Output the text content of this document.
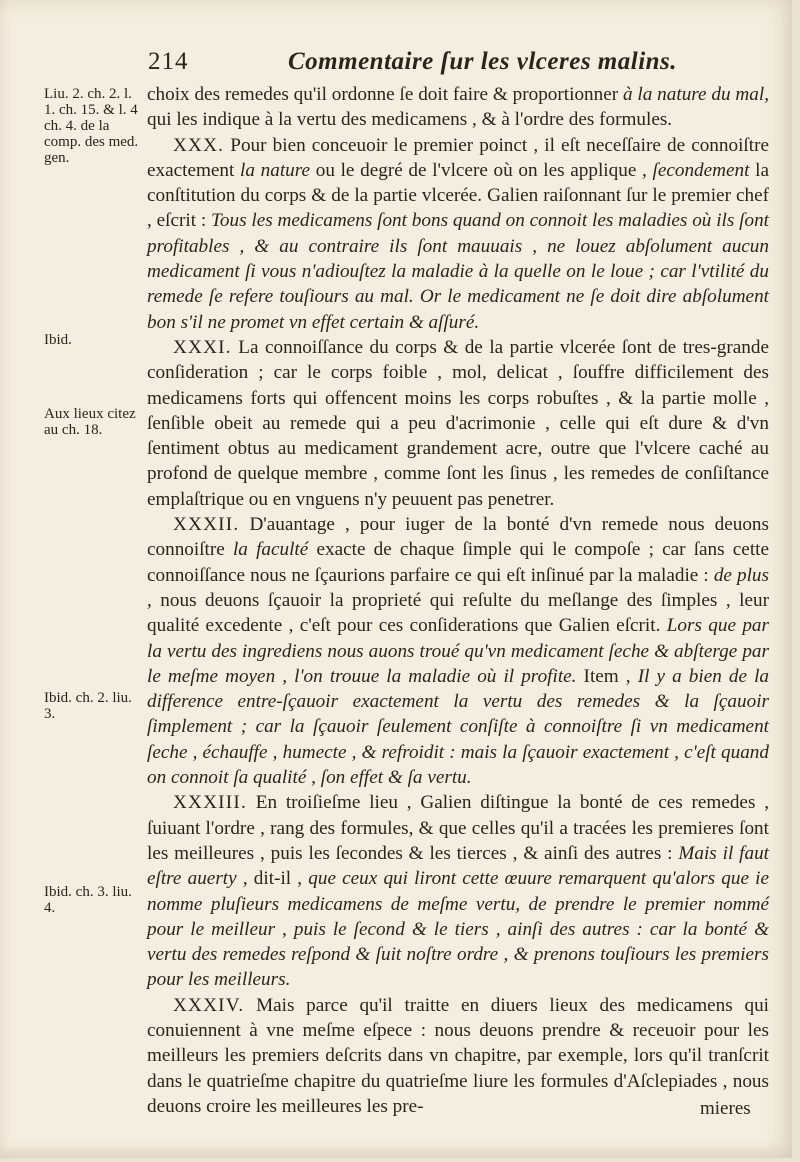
214	Commentaire ſur les vlceres malins.
Liu. 2. ch. 2. l. 1. ch. 15. & l. 4 ch. 4. de la comp. des med. gen.
Ibid.
Aux lieux citez au ch. 18.
Ibid. ch. 2. liu. 3.
Ibid. ch. 3. liu. 4.

choix des remedes qu'il ordonne ſe doit faire & proportionner à la nature du mal, qui les indique à la vertu des medicamens , & à l'ordre des formules.

XXX. Pour bien conceuoir le premier poinct , il eſt neceſſaire de connoiſtre exactement la nature ou le degré de l'vlcere où on les applique , ſecondement la conſtitution du corps & de la partie vlcerée. Galien raiſonnant ſur le premier chef , eſcrit : Tous les medicamens ſont bons quand on connoit les maladies où ils ſont profitables , & au contraire ils ſont mauuais , ne louez abſolument aucun medicament ſi vous n'adiouſtez la maladie à la quelle on le loue ; car l'vtilité du remede ſe refere touſiours au mal. Or le medicament ne ſe doit dire abſolument bon s'il ne promet vn effet certain & aſſuré.

XXXI. La connoiſſance du corps & de la partie vlcerée ſont de tres-grande conſideration ; car le corps foible , mol, delicat , ſouffre difficilement des medicamens forts qui offencent moins les corps robuſtes , & la partie molle , ſenſible obeit au remede qui a peu d'acrimonie , celle qui eſt dure & d'vn ſentiment obtus au medicament grandement acre, outre que l'vlcere caché au profond de quelque membre , comme ſont les ſinus , les remedes de conſiſtance emplaſtrique ou en vnguens n'y peuuent pas penetrer.

XXXII. D'auantage , pour iuger de la bonté d'vn remede nous deuons connoiſtre la faculté exacte de chaque ſimple qui le compoſe ; car ſans cette connoiſſance nous ne ſçaurions parfaire ce qui eſt inſinué par la maladie : de plus , nous deuons ſçauoir la proprieté qui reſulte du meſlange des ſimples , leur qualité excedente , c'eſt pour ces conſiderations que Galien eſcrit. Lors que par la vertu des ingrediens nous auons troué qu'vn medicament ſeche & abſterge par le meſme moyen , l'on trouue la maladie où il profite. Item , Il y a bien de la difference entre-ſçauoir exactement la vertu des remedes & la ſçauoir ſimplement ; car la ſçauoir ſeulement conſiſte à connoiſtre ſi vn medicament ſeche , échauffe , humecte , & refroidit : mais la ſçauoir exactement , c'eſt quand on connoit ſa qualité , ſon effet & ſa vertu.

XXXIII. En troiſieſme lieu , Galien diſtingue la bonté de ces remedes , ſuiuant l'ordre , rang des formules, & que celles qu'il a tracées les premieres ſont les meilleures , puis les ſecondes & les tierces , & ainſi des autres : Mais il faut eſtre auerty , dit-il , que ceux qui liront cette œuure remarquent qu'alors que ie nomme pluſieurs medicamens de meſme vertu, de prendre le premier nommé pour le meilleur , puis le ſecond & le tiers , ainſi des autres : car la bonté & vertu des remedes reſpond & ſuit noſtre ordre , & prenons touſiours les premiers pour les meilleurs.

XXXIV. Mais parce qu'il traitte en diuers lieux des medicamens qui conuiennent à vne meſme eſpece : nous deuons prendre & receuoir pour les meilleurs les premiers deſcrits dans vn chapitre, par exemple, lors qu'il tranſcrit dans le quatrieſme chapitre du quatrieſme liure les formules d'Aſclepiades , nous deuons croire les meilleures les pre-	mieres
